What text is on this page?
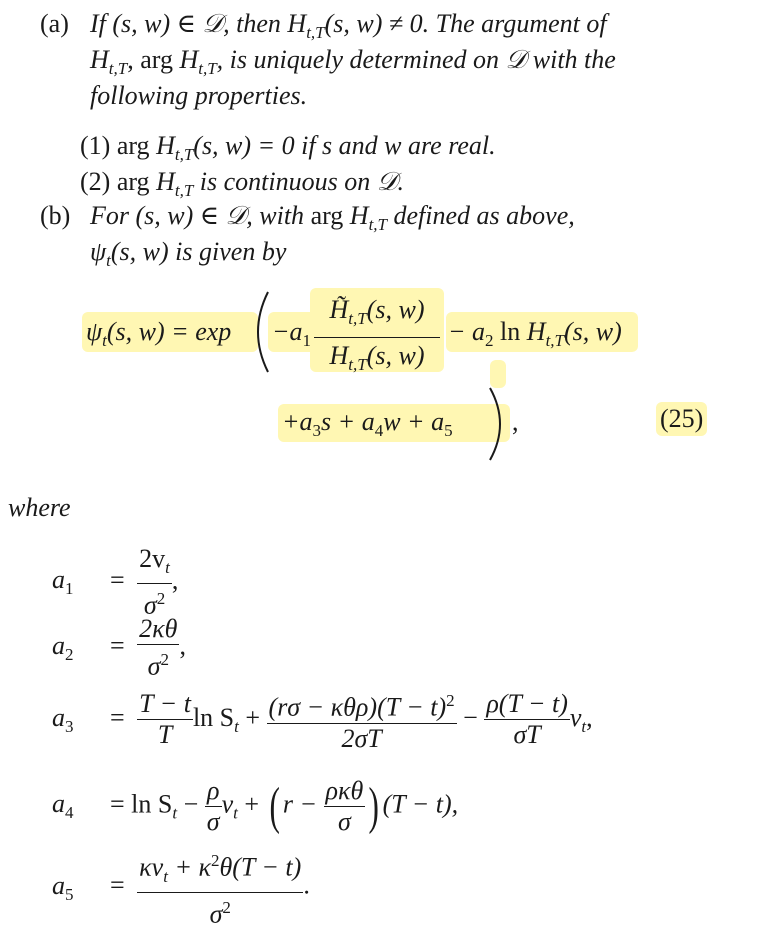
(a) If (s, w) ∈ 𝒟, then $H_{t,T}(s$, w) ≠ 0. The argument of
$H_{t,T}$, arg $H_{t,T}$, is uniquely determined on 𝒟 with the
following properties.
(1) arg $H_{t,T}(s$, w) = 0 if s and w are real.
(2) arg $H_{t,T}$ is continuous on 𝒟.
(b) For (s, w) ∈ 𝒟, with arg $H_{t,T}$ defined as above,
$\psi_t(s$, w) is given by
$\psi_t(s$, $w) = \exp -a_1$
$H̃_{t,T}(s$, w)
$H_{t,T}(s$, w)
− $a_2$ $\ln H_{t,T}(s$, w)
$+a_3s + a_4w + a_5$ ,	(25)
where
$a_1 = \frac{2v_t}{\sigma^2}$ ,
$a_2 = \frac{2\kappa\theta}{\sigma^2}$ ,
$a_3 = \frac{T - t}{T}$ $\ln S_t + \frac{(r\sigma - \kappa\theta\rho)(T - t)^2}{2\sigma T} - \frac{\rho(T - t)}{\sigma T} v_t$,
$a_4 = \ln S_t - \frac{\rho}{\sigma} v_t$ + ( $r - \frac{\text{ρκθ}}{\sigma}$ ) (T − t),
$a_5 = \frac{\kappa v_t + \kappa^2\theta(T - t)}{\sigma^2}$ .
